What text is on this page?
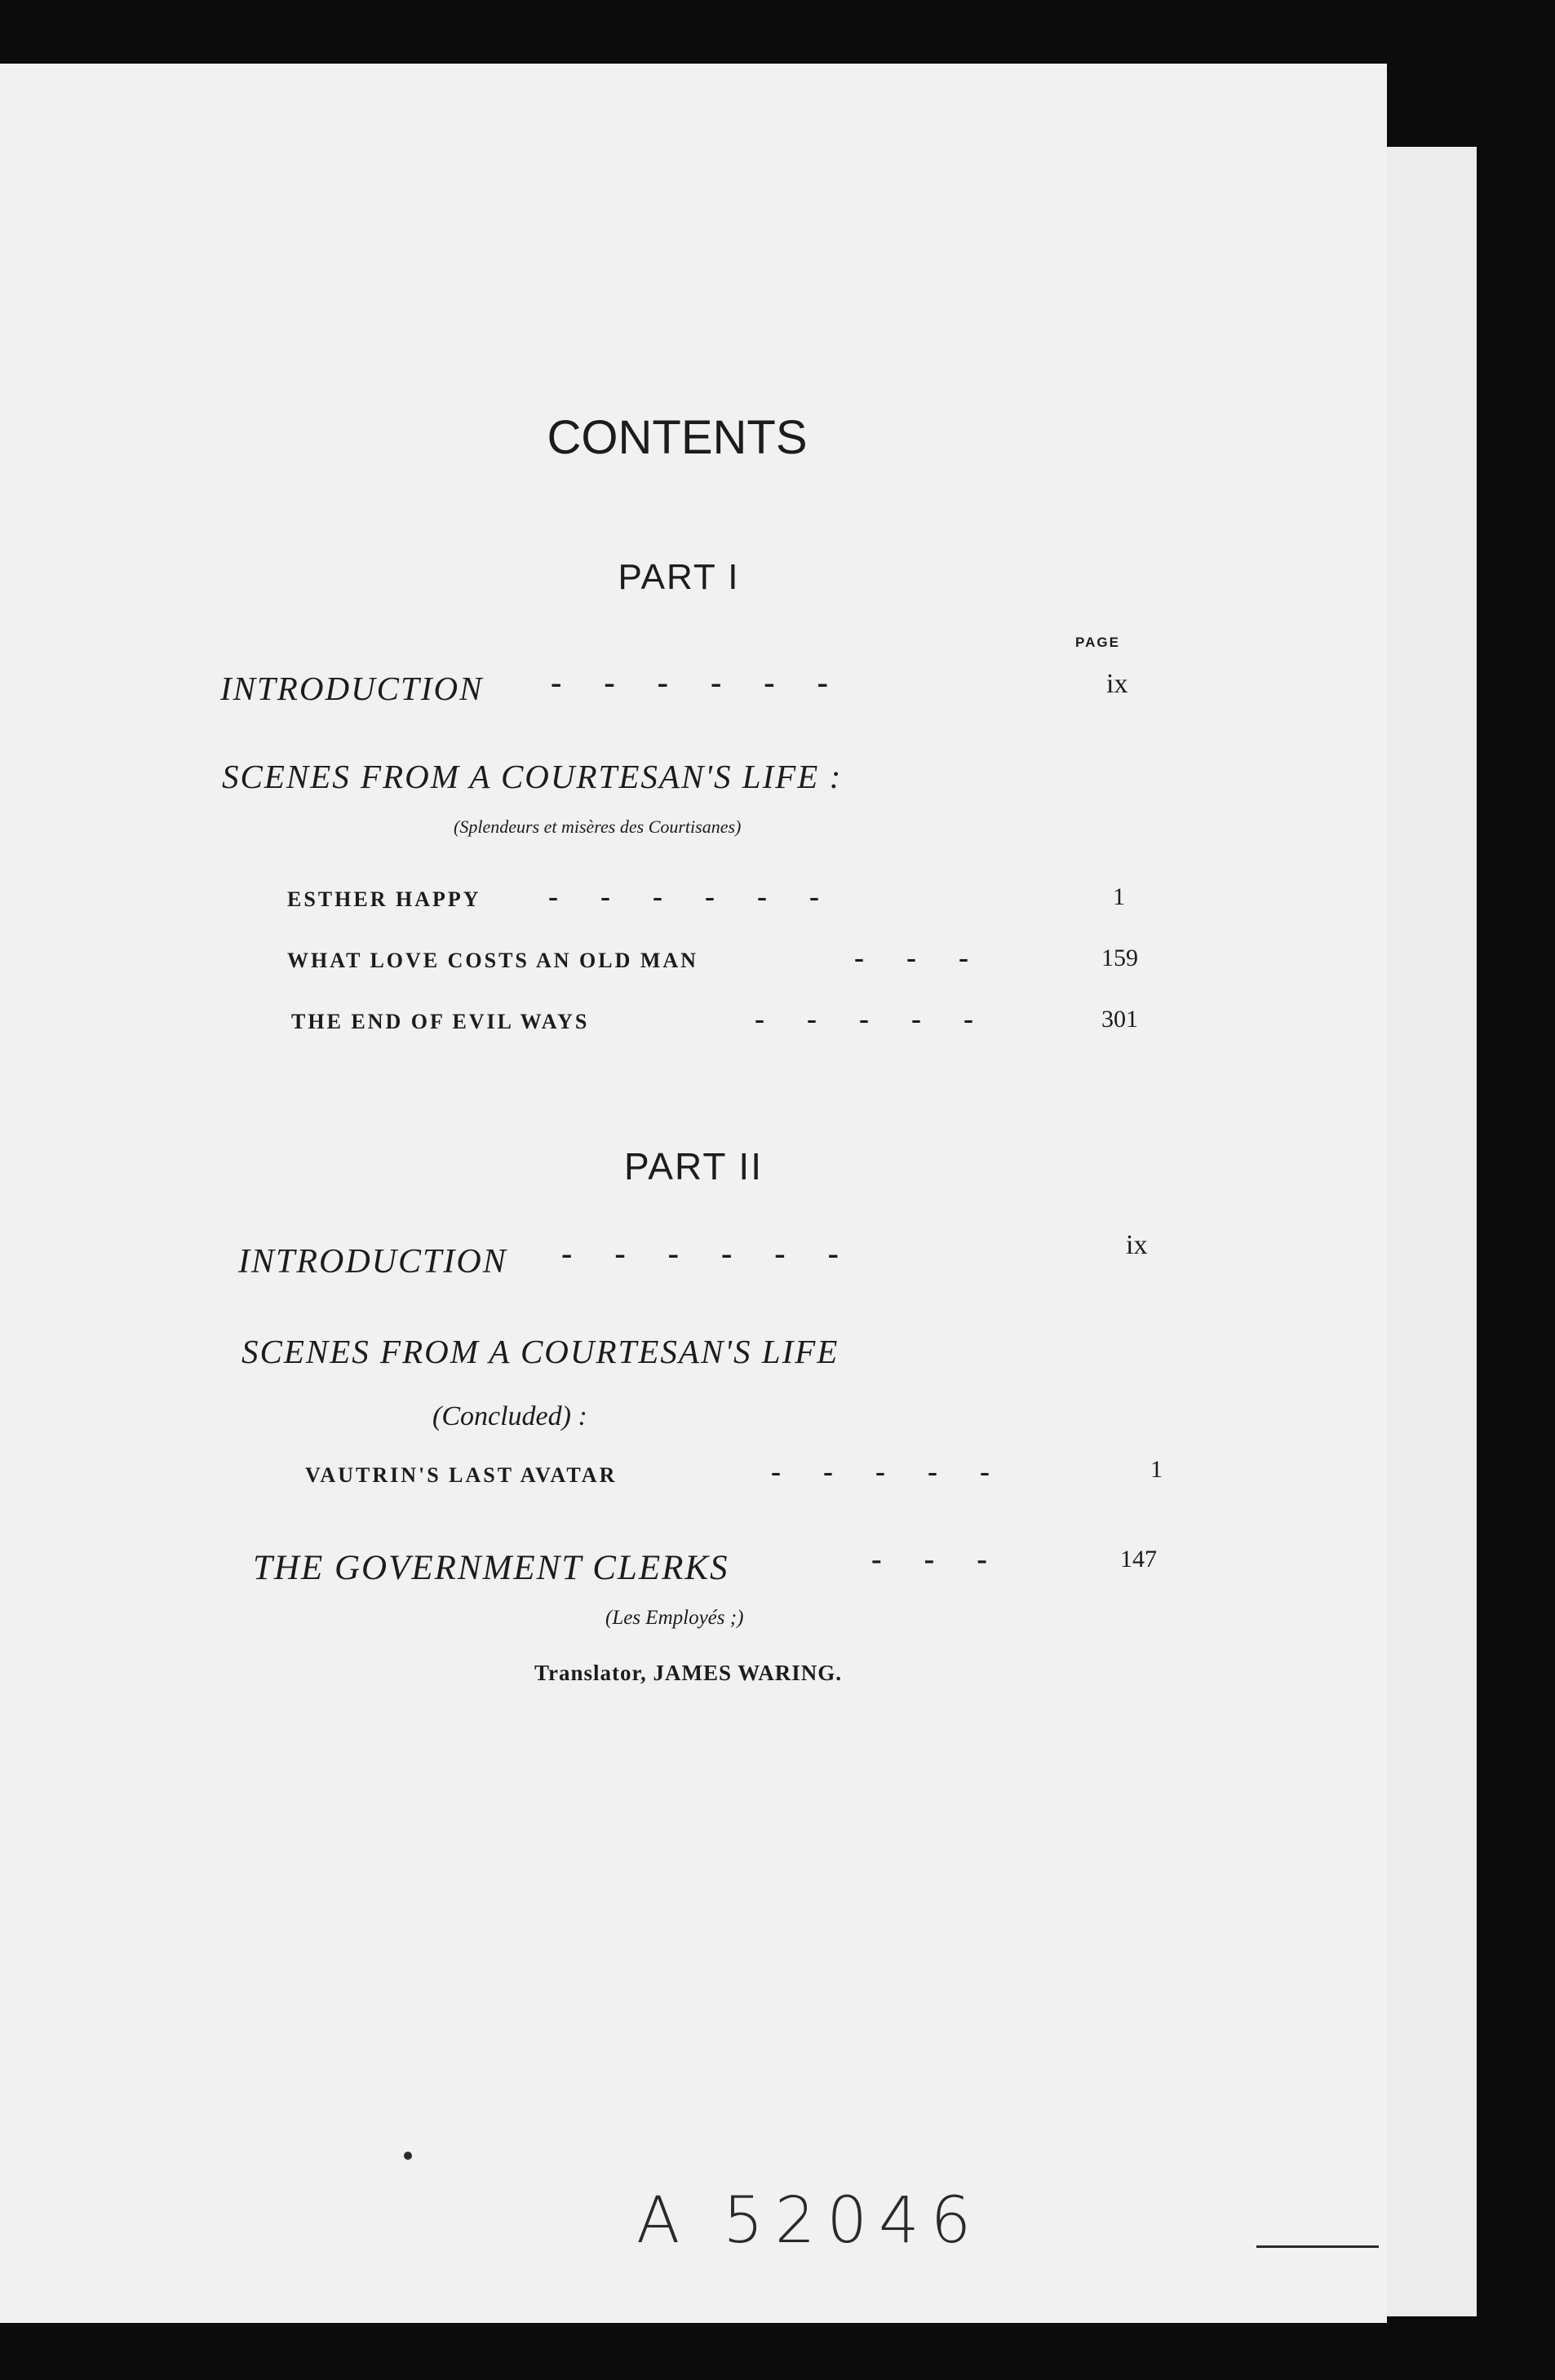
CONTENTS
PART I
PAGE
INTRODUCTION ------	ix
SCENES FROM A COURTESAN'S LIFE :
(Splendeurs et misères des Courtisanes)
ESTHER HAPPY ------	1
WHAT LOVE COSTS AN OLD MAN	---	159
THE END OF EVIL WAYS	-----	301
PART II
INTRODUCTION ------	ix
SCENES FROM A COURTESAN'S LIFE
(Concluded) :
VAUTRIN'S LAST AVATAR	-----	1
THE GOVERNMENT CLERKS	---	147
(Les Employés ;)
Translator, JAMES WARING.
A 52046
